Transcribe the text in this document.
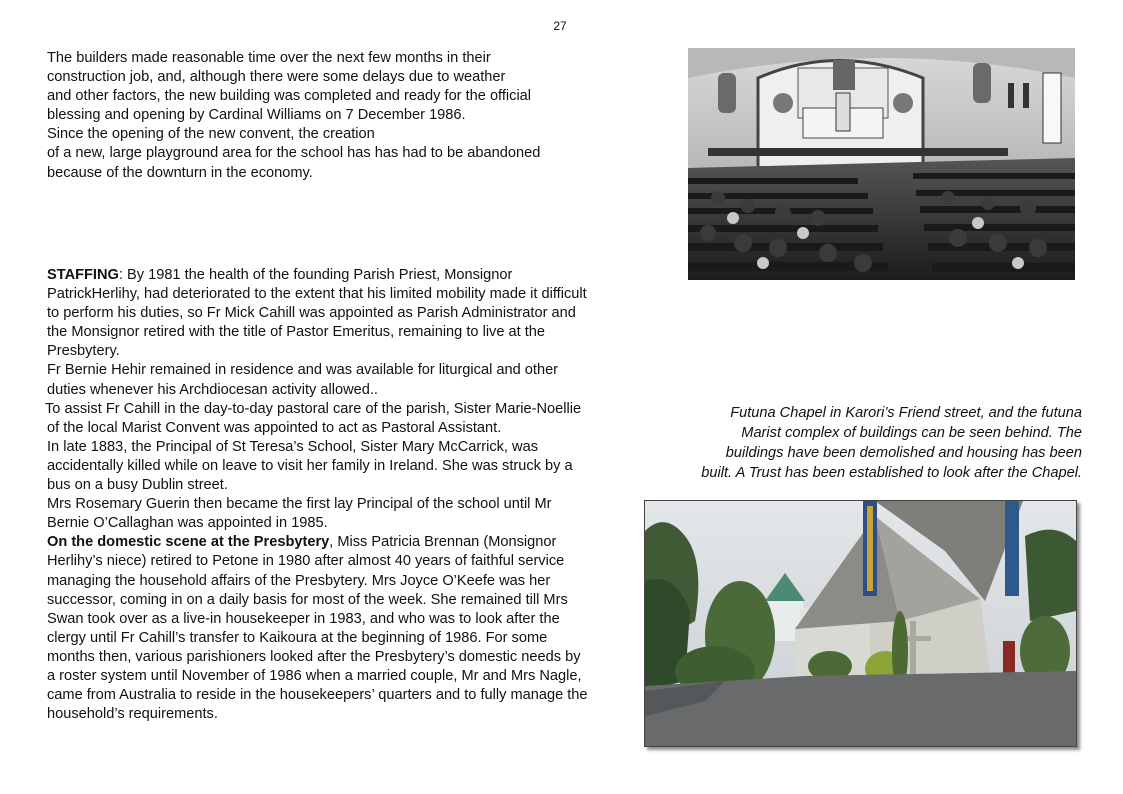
27
The builders made reasonable time over the next few months in their
construction job, and, although there were some delays due to weather
and other factors, the new building was completed and ready for the official
blessing and opening by Cardinal Williams on 7 December 1986.
Since the opening of the new convent, the creation
of a new, large playground area for the school has has had to be abandoned
because of the downturn in the economy.
STAFFING: By 1981 the health of the founding Parish Priest, Monsignor
PatrickHerlihy, had deteriorated to the extent that his limited mobility made it difficult
to perform his duties, so Fr Mick Cahill was appointed as Parish Administrator and
the Monsignor retired with the title of Pastor Emeritus, remaining to live at the
Presbytery.
Fr Bernie Hehir remained in residence and was available for liturgical and other
duties whenever his Archdiocesan activity allowed..
To assist Fr Cahill in the day-to-day pastoral care of the parish, Sister Marie-Noellie
of the local Marist Convent was appointed to act as Pastoral Assistant.
In late 1883, the Principal of St Teresa’s School, Sister Mary McCarrick, was
accidentally killed while on leave to visit her family in Ireland. She was struck by a
bus on a busy Dublin street.
Mrs Rosemary Guerin then became the first lay Principal of the school until Mr
Bernie O’Callaghan was appointed in 1985.
On the domestic scene at the Presbytery, Miss Patricia Brennan (Monsignor
Herlihy’s niece) retired to Petone in 1980 after almost 40 years of faithful service
managing the household affairs of the Presbytery. Mrs Joyce O’Keefe was her
successor, coming in on a daily basis for most of the week. She remained till Mrs
Swan took over as a live-in housekeeper in 1983, and who was to look after the
clergy until Fr Cahill’s transfer to Kaikoura at the beginning of 1986. For some
months then, various parishioners looked after the Presbytery’s domestic needs by
a roster system until November of 1986 when a married couple, Mr and Mrs Nagle,
came from Australia to reside in the housekeepers’ quarters and to fully manage the
household’s requirements.
Futuna Chapel in Karori’s Friend street, and the futuna
Marist complex of buildings can be seen behind. The
buildings have been demolished and housing has been
built. A Trust has been established to look after the Chapel.
